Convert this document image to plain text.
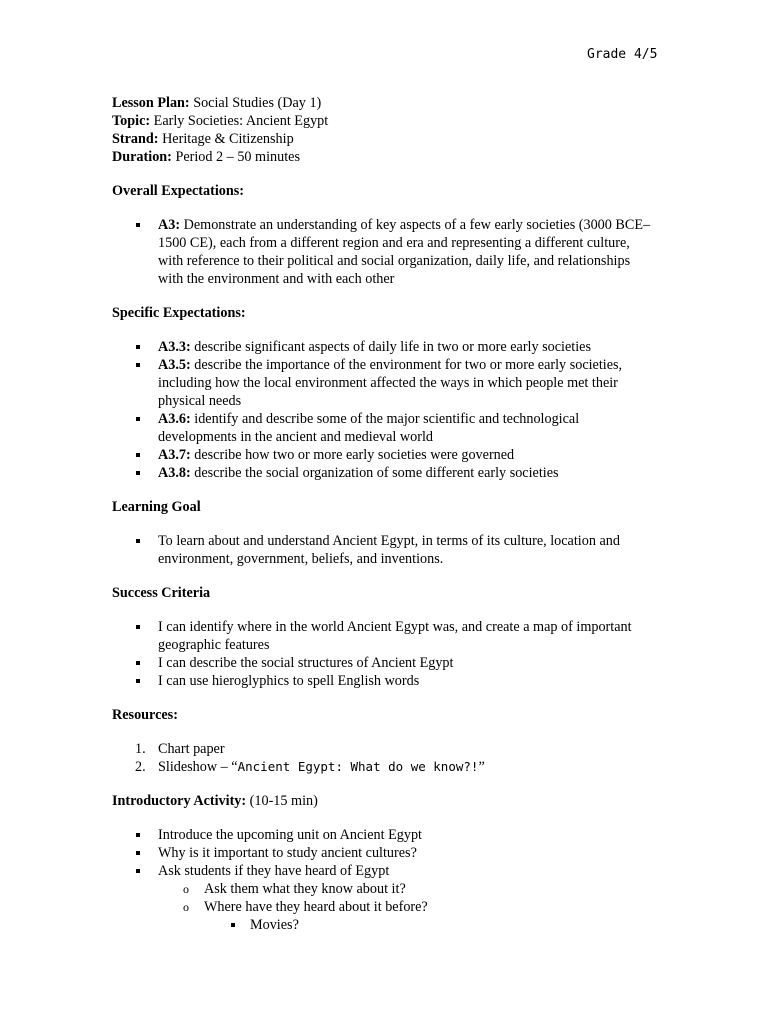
Grade 4/5

Lesson Plan: Social Studies (Day 1)

Topic: Early Societies: Ancient Egypt

Strand: Heritage & Citizenship

Duration: Period 2 – 50 minutes

Overall Expectations:

A3: Demonstrate an understanding of key aspects of a few early societies (3000 BCE–1500 CE), each from a different region and era and representing a different culture, with reference to their political and social organization, daily life, and relationships with the environment and with each other

Specific Expectations:

A3.3: describe significant aspects of daily life in two or more early societies
A3.5: describe the importance of the environment for two or more early societies, including how the local environment affected the ways in which people met their physical needs
A3.6: identify and describe some of the major scientific and technological developments in the ancient and medieval world
A3.7: describe how two or more early societies were governed
A3.8: describe the social organization of some different early societies

Learning Goal

To learn about and understand Ancient Egypt, in terms of its culture, location and environment, government, beliefs, and inventions.

Success Criteria

I can identify where in the world Ancient Egypt was, and create a map of important geographic features
I can describe the social structures of Ancient Egypt
I can use hieroglyphics to spell English words

Resources:

1. Chart paper
2. Slideshow – “Ancient Egypt: What do we know?!”

Introductory Activity: (10-15 min)

Introduce the upcoming unit on Ancient Egypt
Why is it important to study ancient cultures?
Ask students if they have heard of Egypt
o Ask them what they know about it?
o Where have they heard about it before?
Movies?
